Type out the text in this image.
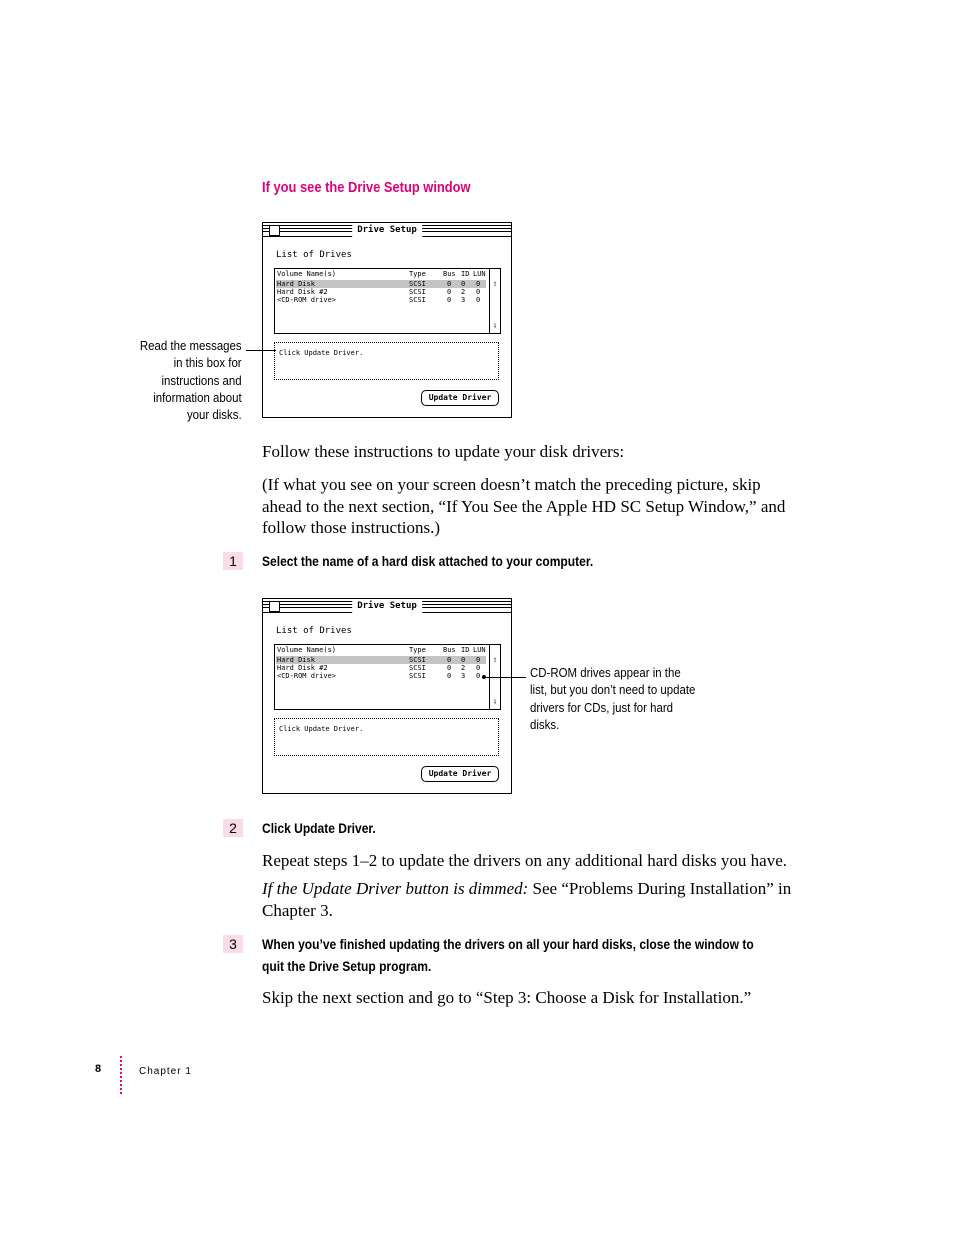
If you see the Drive Setup window
Drive Setup
List of Drives
Volume Name(s)	Type Bus ID LUN
Hard Disk	SCSI	0 0 0
Hard Disk #2	SCSI	0 2 0
<CD-ROM drive>	SCSI	0 3 0
⇧
⇩
Click Update Driver.
Update Driver
Read the messages
in this box for
instructions and
information about
your disks.
Follow these instructions to update your disk drivers:
(If what you see on your screen doesn’t match the preceding picture, skip
ahead to the next section, “If You See the Apple HD SC Setup Window,” and
follow those instructions.)
1	Select the name of a hard disk attached to your computer.
Drive Setup
List of Drives
Volume Name(s)	Type Bus ID LUN
Hard Disk	SCSI	0 0 0
Hard Disk #2	SCSI	0 2 0
<CD-ROM drive>	SCSI	0 3 0
⇧
⇩
Click Update Driver.
Update Driver
CD-ROM drives appear in the
list, but you don’t need to update
drivers for CDs, just for hard
disks.
2	Click Update Driver.
Repeat steps 1–2 to update the drivers on any additional hard disks you have.
If the Update Driver button is dimmed: See “Problems During Installation” in
Chapter 3.
3	When you’ve finished updating the drivers on all your hard disks, close the window to
quit the Drive Setup program.
Skip the next section and go to “Step 3: Choose a Disk for Installation.”
8	Chapter 1
